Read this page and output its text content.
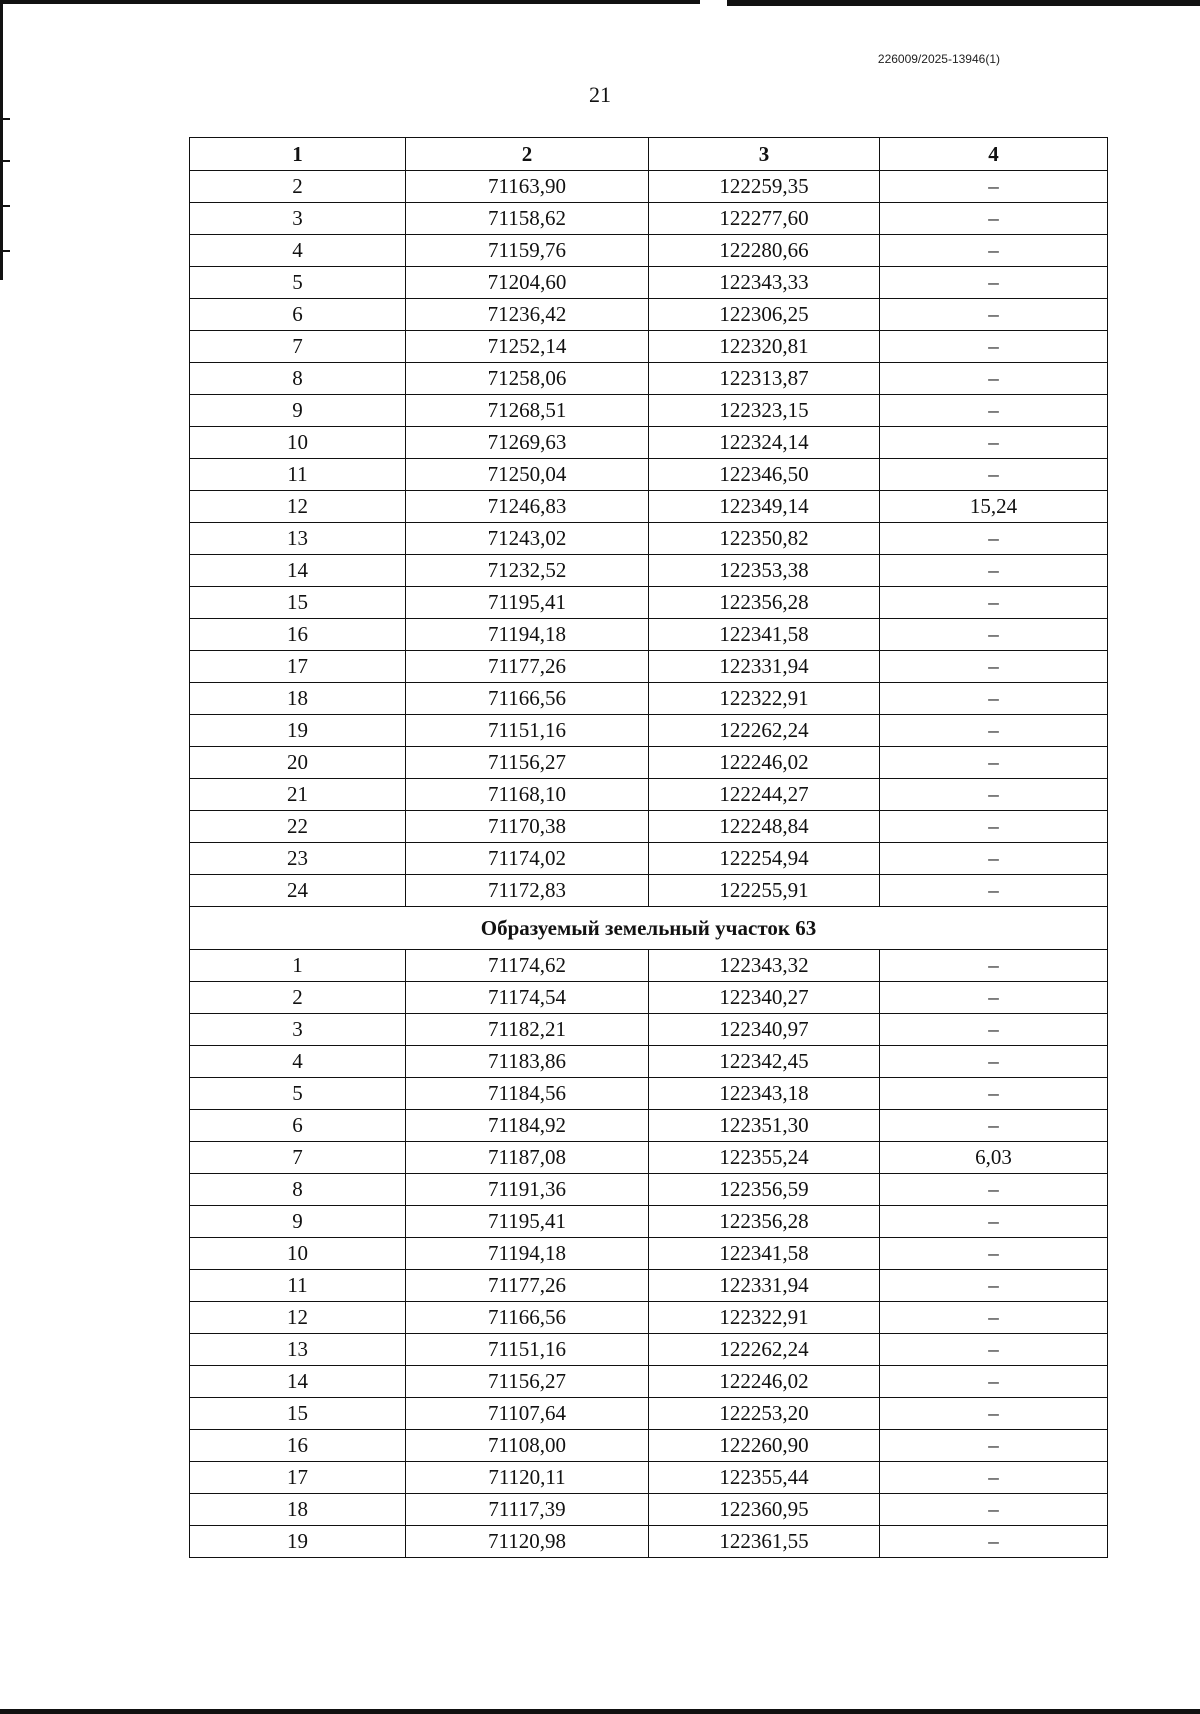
226009/2025-13946(1)
21
1	2	3	4
2	71163,90	122259,35	–
3	71158,62	122277,60	–
4	71159,76	122280,66	–
5	71204,60	122343,33	–
6	71236,42	122306,25	–
7	71252,14	122320,81	–
8	71258,06	122313,87	–
9	71268,51	122323,15	–
10	71269,63	122324,14	–
11	71250,04	122346,50	–
12	71246,83	122349,14	15,24
13	71243,02	122350,82	–
14	71232,52	122353,38	–
15	71195,41	122356,28	–
16	71194,18	122341,58	–
17	71177,26	122331,94	–
18	71166,56	122322,91	–
19	71151,16	122262,24	–
20	71156,27	122246,02	–
21	71168,10	122244,27	–
22	71170,38	122248,84	–
23	71174,02	122254,94	–
24	71172,83	122255,91	–
Образуемый земельный участок 63			
1	71174,62	122343,32	–
2	71174,54	122340,27	–
3	71182,21	122340,97	–
4	71183,86	122342,45	–
5	71184,56	122343,18	–
6	71184,92	122351,30	–
7	71187,08	122355,24	6,03
8	71191,36	122356,59	–
9	71195,41	122356,28	–
10	71194,18	122341,58	–
11	71177,26	122331,94	–
12	71166,56	122322,91	–
13	71151,16	122262,24	–
14	71156,27	122246,02	–
15	71107,64	122253,20	–
16	71108,00	122260,90	–
17	71120,11	122355,44	–
18	71117,39	122360,95	–
19	71120,98	122361,55	–
